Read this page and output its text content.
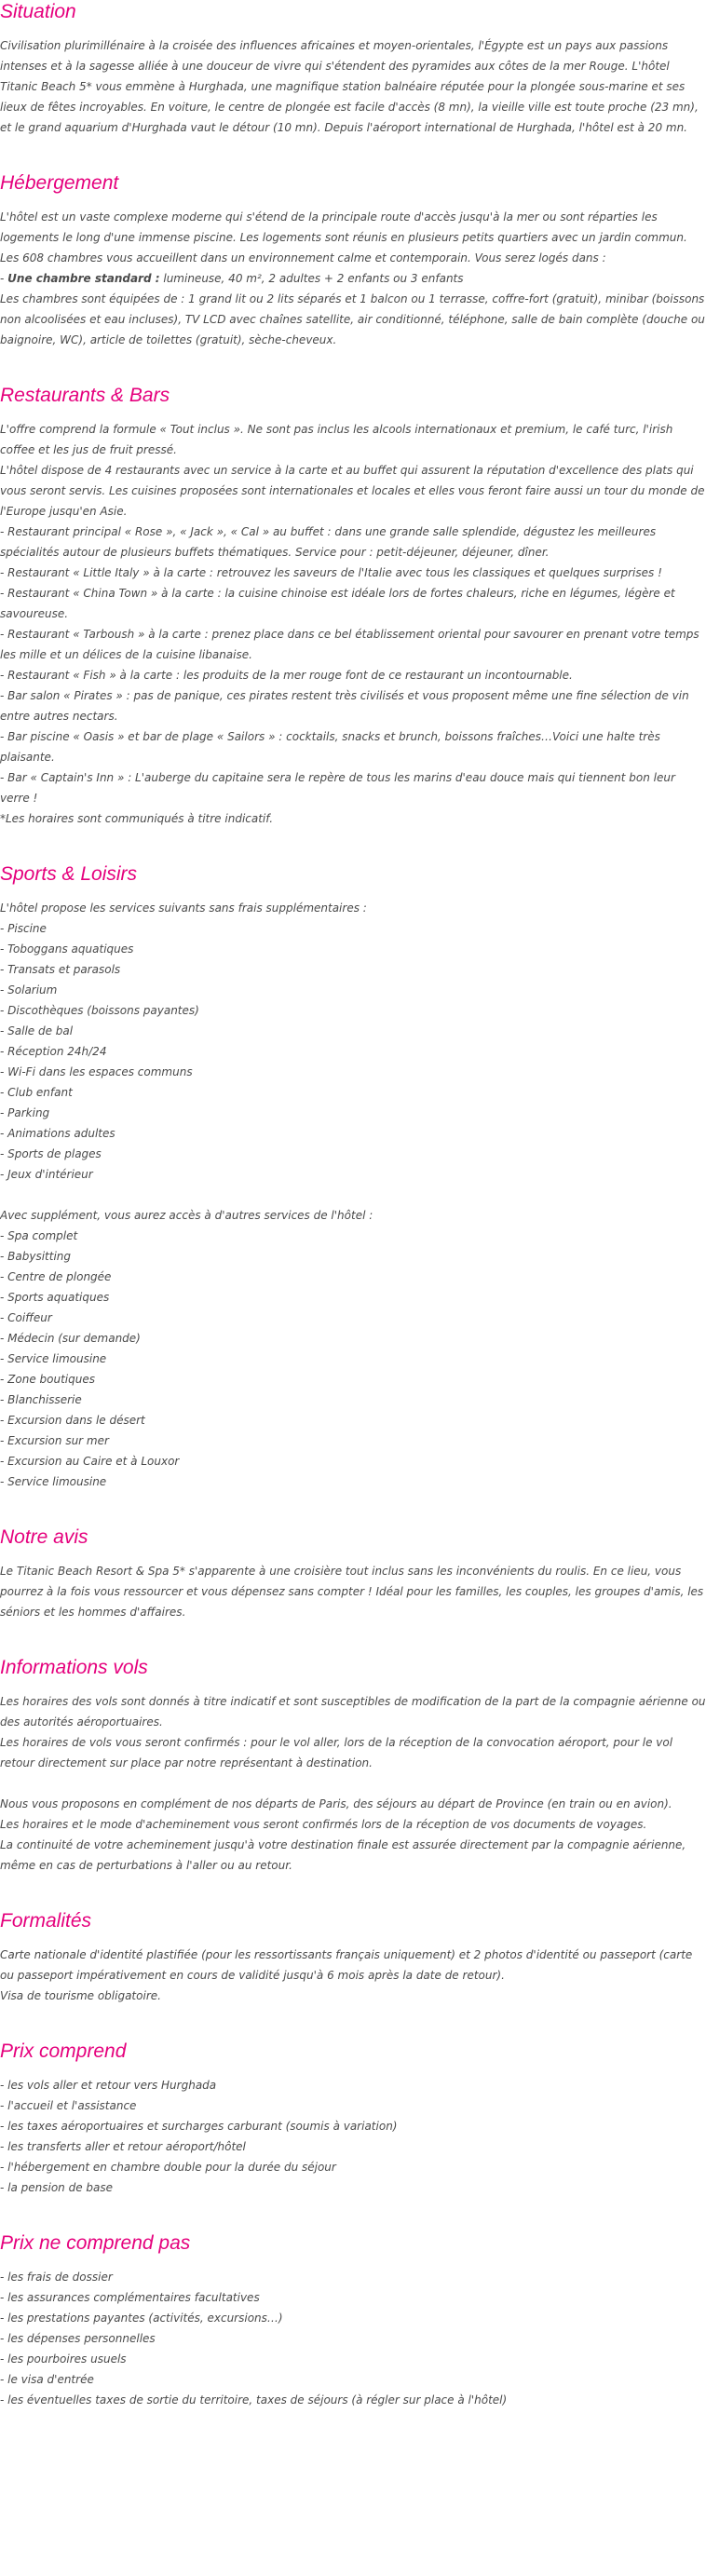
Situation

Civilisation plurimillénaire à la croisée des influences africaines et moyen-orientales, l'Égypte est un pays aux passions intenses et à la sagesse alliée à une douceur de vivre qui s'étendent des pyramides aux côtes de la mer Rouge. L'hôtel Titanic Beach 5* vous emmène à Hurghada, une magnifique station balnéaire réputée pour la plongée sous-marine et ses lieux de fêtes incroyables. En voiture, le centre de plongée est facile d'accès (8 mn), la vieille ville est toute proche (23 mn), et le grand aquarium d'Hurghada vaut le détour (10 mn). Depuis l'aéroport international de Hurghada, l'hôtel est à 20 mn.

Hébergement

L'hôtel est un vaste complexe moderne qui s'étend de la principale route d'accès jusqu'à la mer ou sont réparties les logements le long d'une immense piscine. Les logements sont réunis en plusieurs petits quartiers avec un jardin commun. Les 608 chambres vous accueillent dans un environnement calme et contemporain. Vous serez logés dans :

- Une chambre standard : lumineuse, 40 m², 2 adultes + 2 enfants ou 3 enfants

Les chambres sont équipées de : 1 grand lit ou 2 lits séparés et 1 balcon ou 1 terrasse, coffre-fort (gratuit), minibar (boissons non alcoolisées et eau incluses), TV LCD avec chaînes satellite, air conditionné, téléphone, salle de bain complète (douche ou baignoire, WC), article de toilettes (gratuit), sèche-cheveux.

Restaurants & Bars

L'offre comprend la formule « Tout inclus ». Ne sont pas inclus les alcools internationaux et premium, le café turc, l'irish coffee et les jus de fruit pressé.

L'hôtel dispose de 4 restaurants avec un service à la carte et au buffet qui assurent la réputation d'excellence des plats qui vous seront servis. Les cuisines proposées sont internationales et locales et elles vous feront faire aussi un tour du monde de l'Europe jusqu'en Asie.

- Restaurant principal « Rose », « Jack », « Cal » au buffet : dans une grande salle splendide, dégustez les meilleures spécialités autour de plusieurs buffets thématiques. Service pour : petit-déjeuner, déjeuner, dîner.

- Restaurant « Little Italy » à la carte : retrouvez les saveurs de l'Italie avec tous les classiques et quelques surprises !

- Restaurant « China Town » à la carte : la cuisine chinoise est idéale lors de fortes chaleurs, riche en légumes, légère et savoureuse.

- Restaurant « Tarboush » à la carte : prenez place dans ce bel établissement oriental pour savourer en prenant votre temps les mille et un délices de la cuisine libanaise.

- Restaurant « Fish » à la carte : les produits de la mer rouge font de ce restaurant un incontournable.

- Bar salon « Pirates » : pas de panique, ces pirates restent très civilisés et vous proposent même une fine sélection de vin entre autres nectars.

- Bar piscine « Oasis » et bar de plage « Sailors » : cocktails, snacks et brunch, boissons fraîches…Voici une halte très plaisante.

- Bar « Captain's Inn » : L'auberge du capitaine sera le repère de tous les marins d'eau douce mais qui tiennent bon leur verre !

*Les horaires sont communiqués à titre indicatif.

Sports & Loisirs

L'hôtel propose les services suivants sans frais supplémentaires :

- Piscine
- Toboggans aquatiques
- Transats et parasols
- Solarium
- Discothèques (boissons payantes)
- Salle de bal
- Réception 24h/24
- Wi-Fi dans les espaces communs
- Club enfant
- Parking
- Animations adultes
- Sports de plages
- Jeux d'intérieur

Avec supplément, vous aurez accès à d'autres services de l'hôtel :

- Spa complet
- Babysitting
- Centre de plongée
- Sports aquatiques
- Coiffeur
- Médecin (sur demande)
- Service limousine
- Zone boutiques
- Blanchisserie
- Excursion dans le désert
- Excursion sur mer
- Excursion au Caire et à Louxor
- Service limousine
Notre avis

Le Titanic Beach Resort & Spa 5* s'apparente à une croisière tout inclus sans les inconvénients du roulis. En ce lieu, vous pourrez à la fois vous ressourcer et vous dépensez sans compter ! Idéal pour les familles, les couples, les groupes d'amis, les séniors et les hommes d'affaires.

Informations vols

Les horaires des vols sont donnés à titre indicatif et sont susceptibles de modification de la part de la compagnie aérienne ou des autorités aéroportuaires.

Les horaires de vols vous seront confirmés : pour le vol aller, lors de la réception de la convocation aéroport, pour le vol retour directement sur place par notre représentant à destination.

Nous vous proposons en complément de nos départs de Paris, des séjours au départ de Province (en train ou en avion).

Les horaires et le mode d'acheminement vous seront confirmés lors de la réception de vos documents de voyages.

La continuité de votre acheminement jusqu'à votre destination finale est assurée directement par la compagnie aérienne, même en cas de perturbations à l'aller ou au retour.

Formalités

Carte nationale d'identité plastifiée (pour les ressortissants français uniquement) et 2 photos d'identité ou passeport (carte ou passeport impérativement en cours de validité jusqu'à 6 mois après la date de retour).

Visa de tourisme obligatoire.

Prix comprend
- les vols aller et retour vers Hurghada
- l'accueil et l'assistance
- les taxes aéroportuaires et surcharges carburant (soumis à variation)
- les transferts aller et retour aéroport/hôtel
- l'hébergement en chambre double pour la durée du séjour
- la pension de base
Prix ne comprend pas
- les frais de dossier
- les assurances complémentaires facultatives
- les prestations payantes (activités, excursions…)
- les dépenses personnelles
- les pourboires usuels
- le visa d'entrée
- les éventuelles taxes de sortie du territoire, taxes de séjours (à régler sur place à l'hôtel)
